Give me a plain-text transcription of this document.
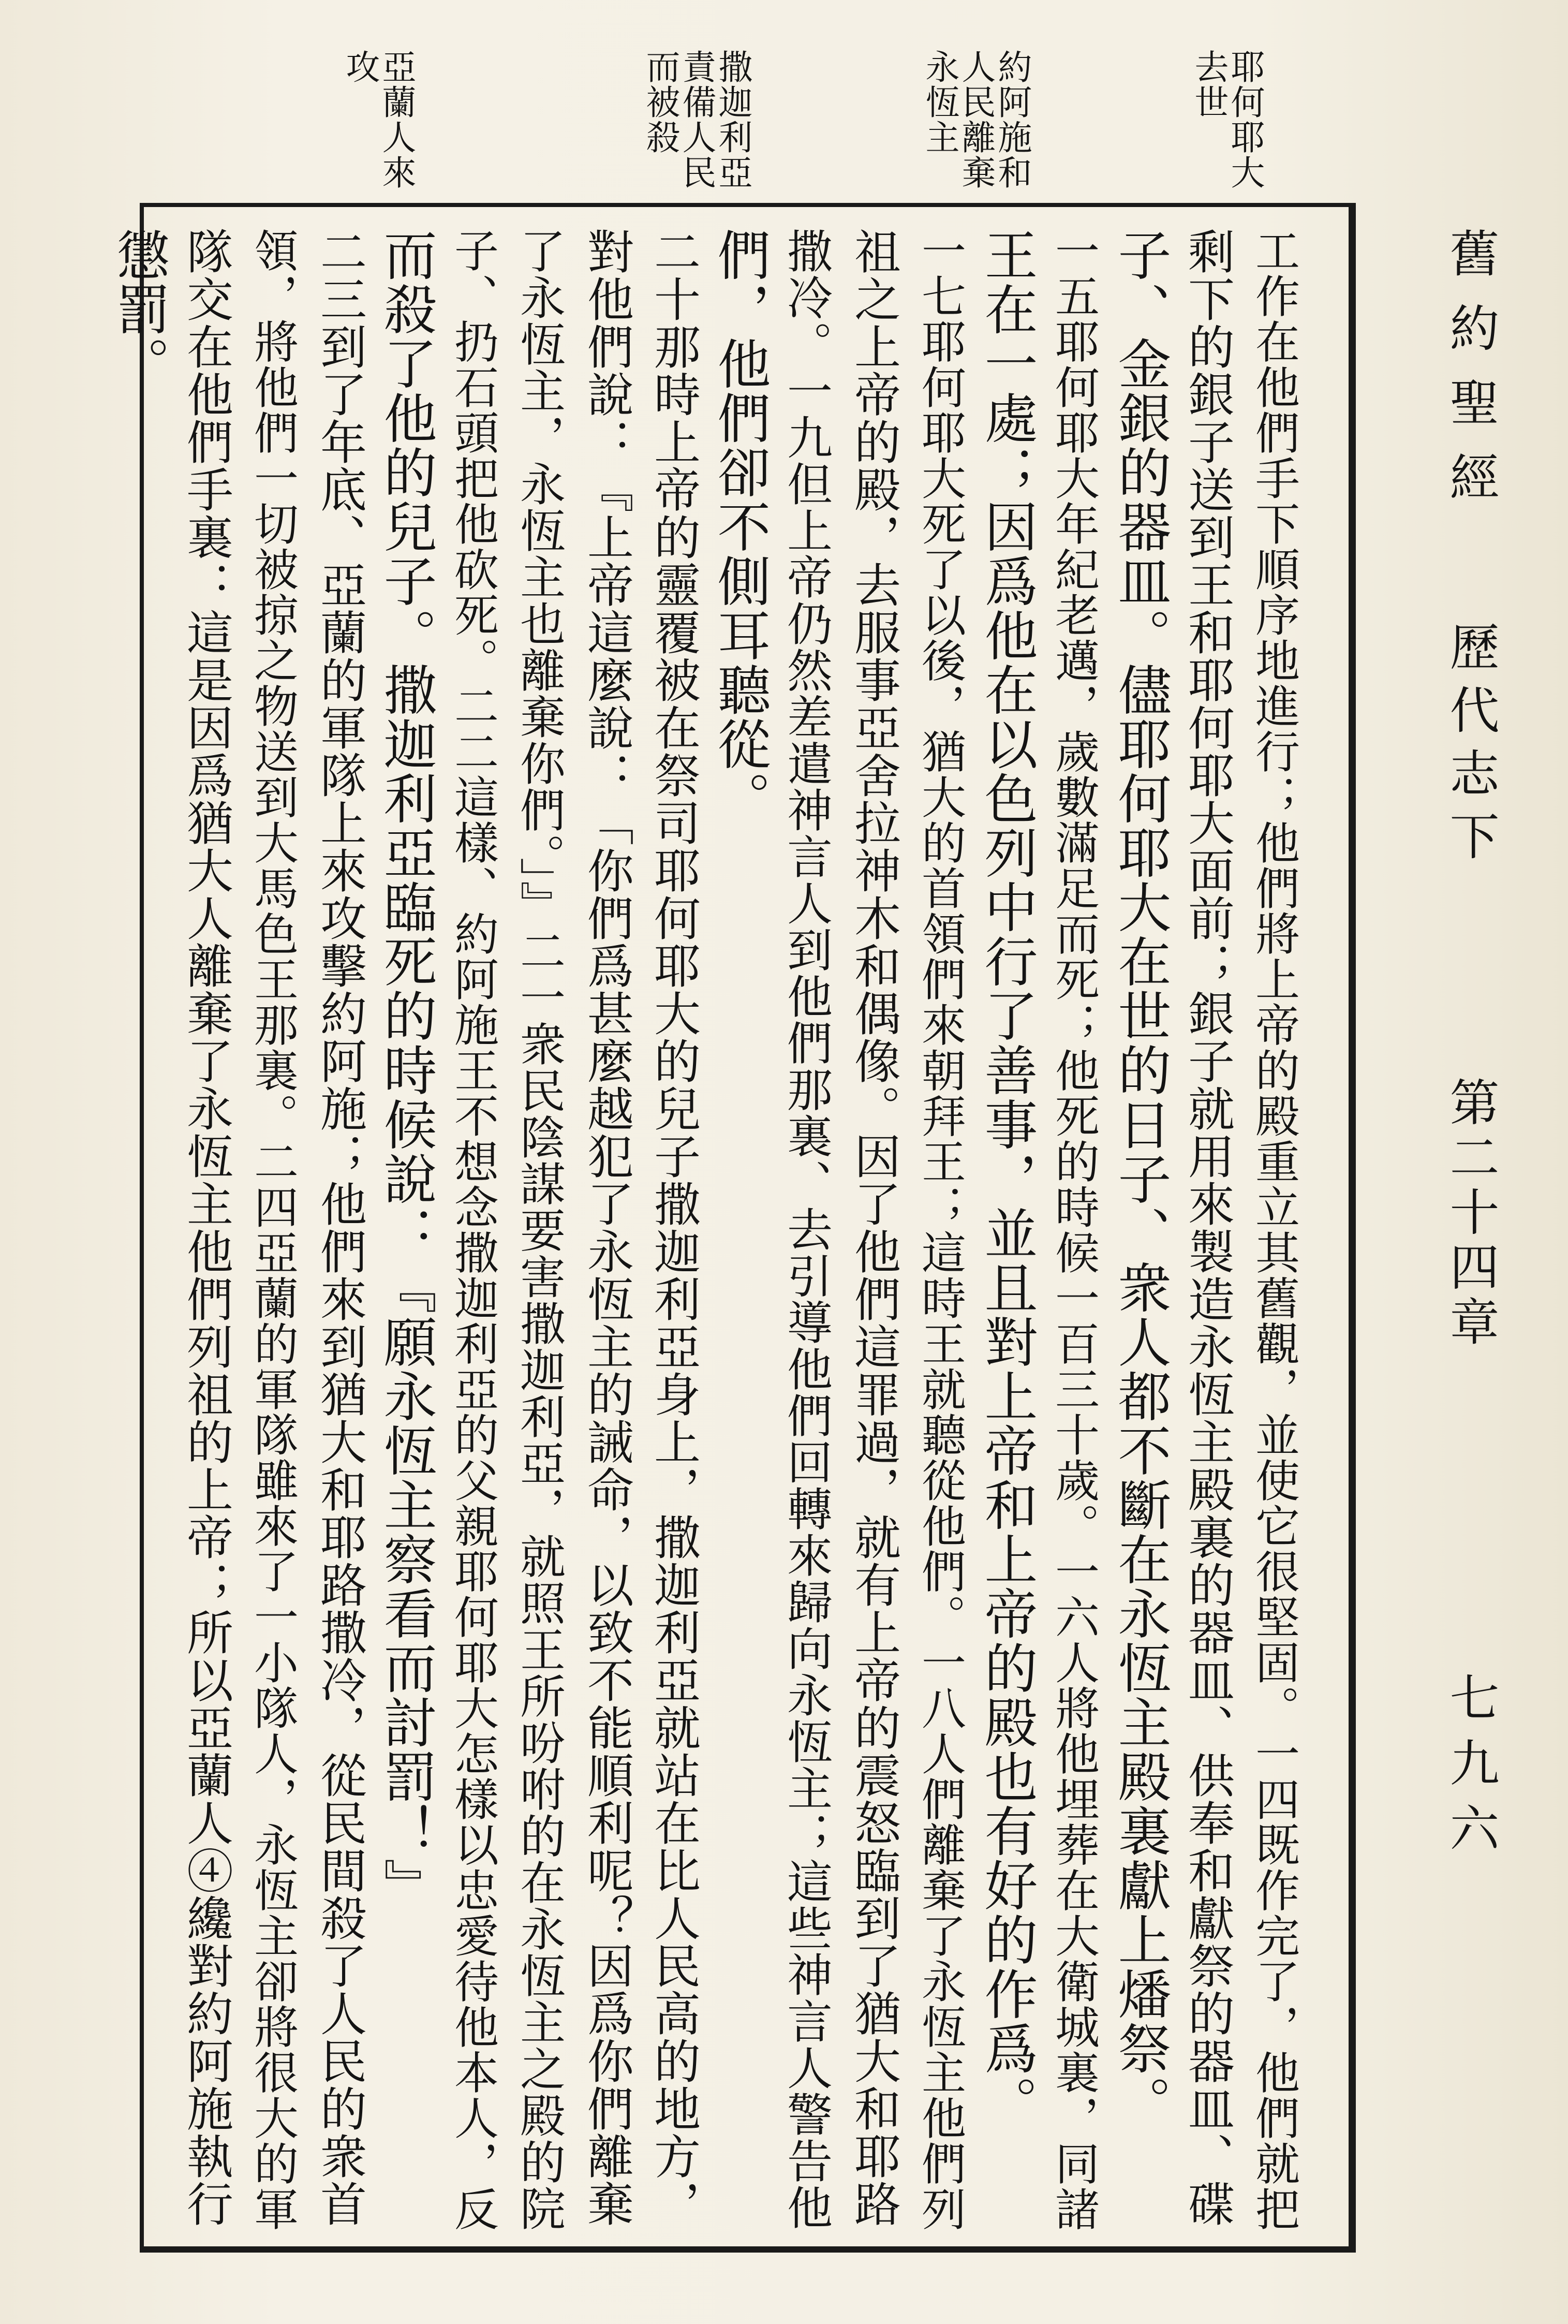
舊約聖經
歷代志下
第二十四章
七九六
耶何耶大
去世
約阿施和
人民離棄
永恆主
撒迦利亞
責備人民
而被殺
亞蘭人來
攻
工作在他們手下順序地進行；他們將上帝的殿重立其舊觀，並使它很堅固。一四既作完了，他們就把
剩下的銀子送到王和耶何耶大面前；銀子就用來製造永恆主殿裏的器皿、供奉和獻祭的器皿、碟
子、金銀的器皿。儘耶何耶大在世的日子、衆人都不斷在永恆主殿裏獻上燔祭。
一五耶何耶大年紀老邁，歲數滿足而死；他死的時候一百三十歲。一六人將他埋葬在大衛城裏，同諸
王在一處；因爲他在以色列中行了善事，並且對上帝和上帝的殿也有好的作爲。
一七耶何耶大死了以後，猶大的首領們來朝拜王；這時王就聽從他們。一八人們離棄了永恆主他們列
祖之上帝的殿，去服事亞舍拉神木和偶像。因了他們這罪過，就有上帝的震怒臨到了猶大和耶路
撒冷。一九但上帝仍然差遣神言人到他們那裏、去引導他們回轉來歸向永恆主；這些神言人警告他
們，他們卻不側耳聽從。
二十那時上帝的靈覆被在祭司耶何耶大的兒子撒迦利亞身上，撒迦利亞就站在比人民高的地方，
對他們說：『上帝這麼說：「你們爲甚麼越犯了永恆主的誡命，以致不能順利呢？因爲你們離棄
了永恆主，永恆主也離棄你們。」』二一衆民陰謀要害撒迦利亞，就照王所吩咐的在永恆主之殿的院
子、扔石頭把他砍死。二二這樣、約阿施王不想念撒迦利亞的父親耶何耶大怎樣以忠愛待他本人，反
而殺了他的兒子。撒迦利亞臨死的時候說：『願永恆主察看而討罰！』
二三到了年底、亞蘭的軍隊上來攻擊約阿施；他們來到猶大和耶路撒冷，從民間殺了人民的衆首
領，將他們一切被掠之物送到大馬色王那裏。二四亞蘭的軍隊雖來了一小隊人，永恆主卻將很大的軍
隊交在他們手裏：這是因爲猶大人離棄了永恆主他們列祖的上帝；所以亞蘭人④纔對約阿施執行
懲罰。
